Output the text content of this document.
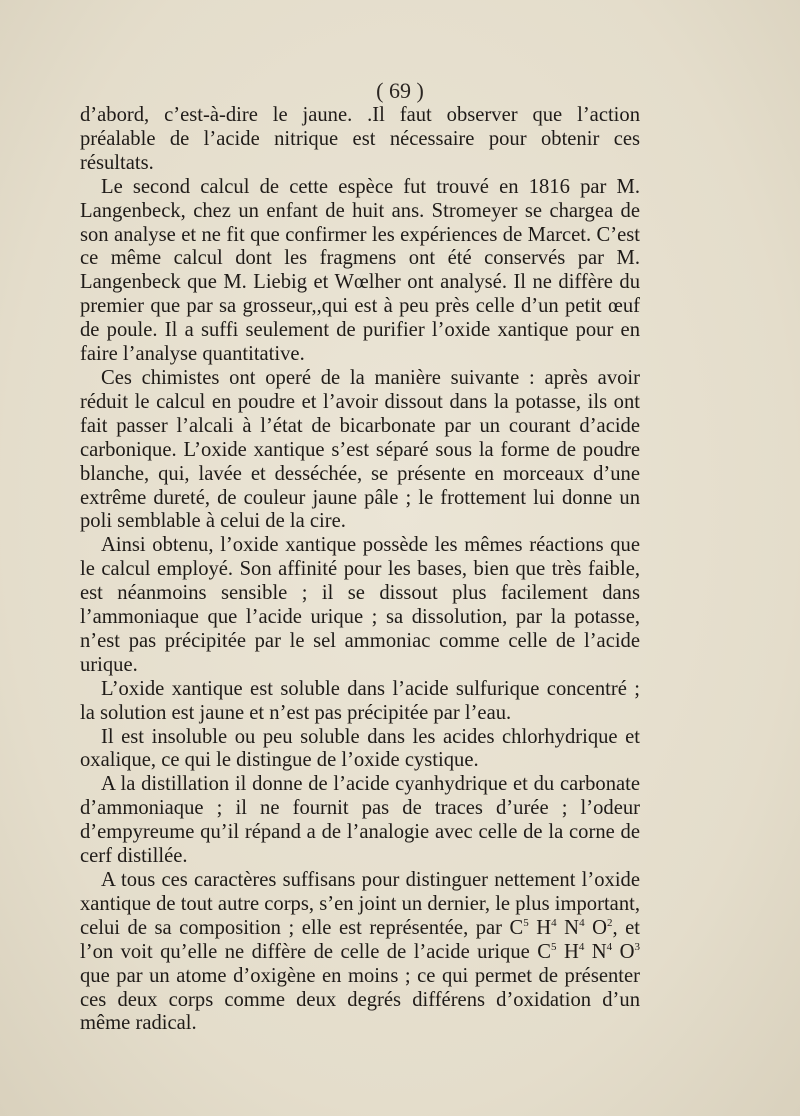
( 69 )

d’abord, c’est-à-dire le jaune. .Il faut observer que l’action préalable de l’acide nitrique est nécessaire pour obtenir ces résultats.

Le second calcul de cette espèce fut trouvé en 1816 par M. Langenbeck, chez un enfant de huit ans. Stromeyer se chargea de son analyse et ne fit que confirmer les expériences de Marcet. C’est ce même calcul dont les fragmens ont été conservés par M. Langenbeck que M. Liebig et Wœlher ont analysé. Il ne diffère du premier que par sa grosseur,,qui est à peu près celle d’un petit œuf de poule. Il a suffi seulement de purifier l’oxide xantique pour en faire l’analyse quantitative.

Ces chimistes ont operé de la manière suivante : après avoir réduit le calcul en poudre et l’avoir dissout dans la potasse, ils ont fait passer l’alcali à l’état de bicarbonate par un courant d’acide carbonique. L’oxide xantique s’est séparé sous la forme de poudre blanche, qui, lavée et desséchée, se présente en morceaux d’une extrême dureté, de couleur jaune pâle ; le frottement lui donne un poli semblable à celui de la cire.

Ainsi obtenu, l’oxide xantique possède les mêmes réactions que le calcul employé. Son affinité pour les bases, bien que très faible, est néanmoins sensible ; il se dissout plus facilement dans l’ammoniaque que l’acide urique ; sa dissolution, par la potasse, n’est pas précipitée par le sel ammoniac comme celle de l’acide urique.

L’oxide xantique est soluble dans l’acide sulfurique concentré ; la solution est jaune et n’est pas précipitée par l’eau.

Il est insoluble ou peu soluble dans les acides chlorhydrique et oxalique, ce qui le distingue de l’oxide cystique.

A la distillation il donne de l’acide cyanhydrique et du carbonate d’ammoniaque ; il ne fournit pas de traces d’urée ; l’odeur d’empyreume qu’il répand a de l’analogie avec celle de la corne de cerf distillée.

A tous ces caractères suffisans pour distinguer nettement l’oxide xantique de tout autre corps, s’en joint un dernier, le plus important, celui de sa composition ; elle est représentée, par $C^5$ $H^4$ $N^4$ $O^2$, et l’on voit qu’elle ne diffère de celle de l’acide urique $C^5$ $H^4$ $N^4$ $O^3$ que par un atome d’oxigène en moins ; ce qui permet de présenter ces deux corps comme deux degrés différens d’oxidation d’un même radical.
